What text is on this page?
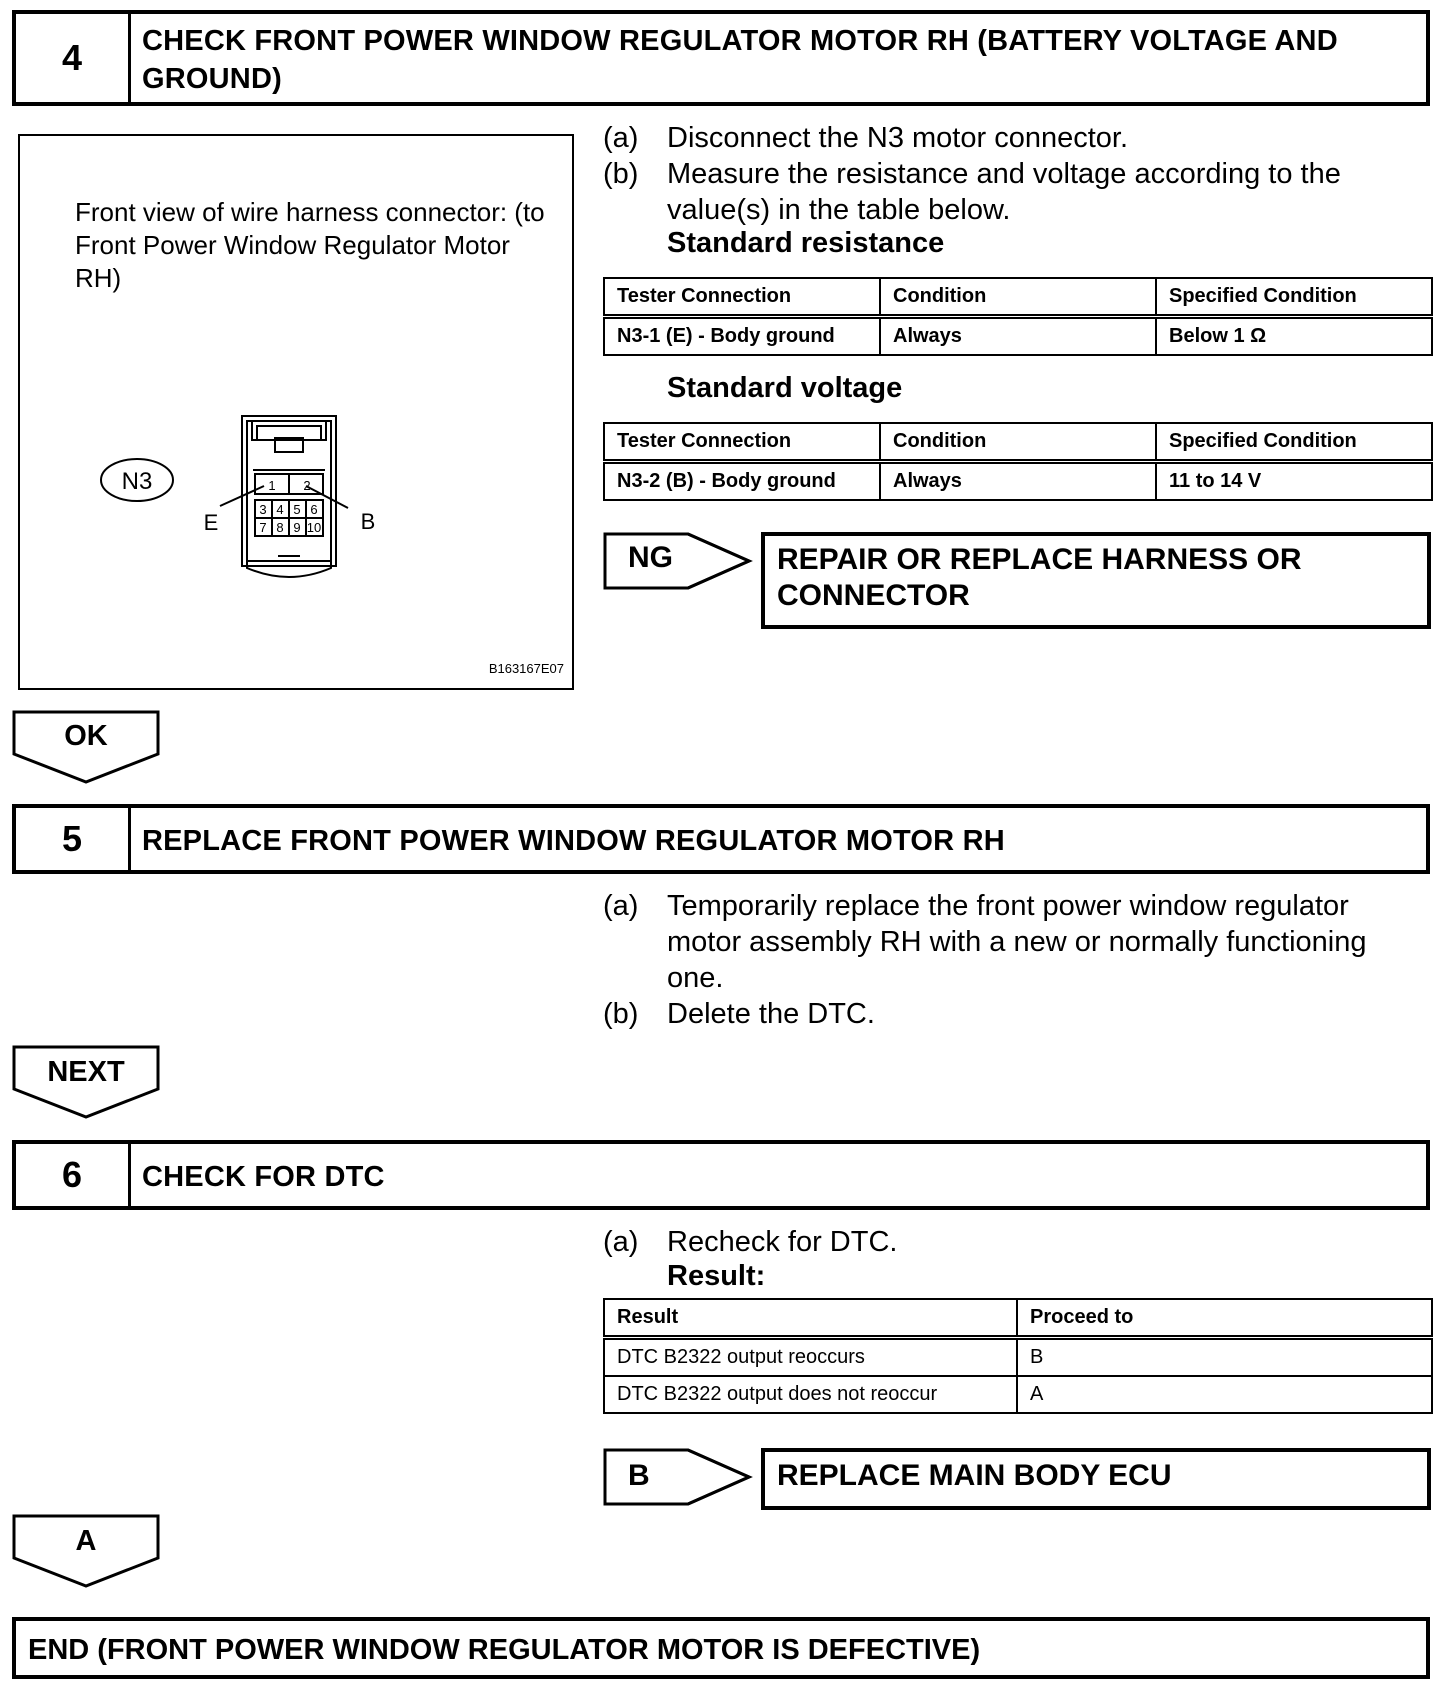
4	CHECK FRONT POWER WINDOW REGULATOR MOTOR RH (BATTERY VOLTAGE AND GROUND)
Front view of wire harness connector: (to Front Power Window Regulator Motor RH)
N3	1 2
3 4 5 6
7 8 9 10
E	B
B163167E07
(a) Disconnect the N3 motor connector.
(b) Measure the resistance and voltage according to the value(s) in the table below.
Standard resistance
Tester Connection	Condition	Specified Condition
N3-1 (E) - Body ground	Always	Below 1 Ω
Standard voltage
Tester Connection	Condition	Specified Condition
N3-2 (B) - Body ground	Always	11 to 14 V
NG	REPAIR OR REPLACE HARNESS OR CONNECTOR
OK
5	REPLACE FRONT POWER WINDOW REGULATOR MOTOR RH
(a) Temporarily replace the front power window regulator motor assembly RH with a new or normally functioning one.
(b) Delete the DTC.
NEXT
6	CHECK FOR DTC
(a) Recheck for DTC.
Result:
Result	Proceed to
DTC B2322 output reoccurs	B
DTC B2322 output does not reoccur	A
B	REPLACE MAIN BODY ECU
A
END (FRONT POWER WINDOW REGULATOR MOTOR IS DEFECTIVE)
